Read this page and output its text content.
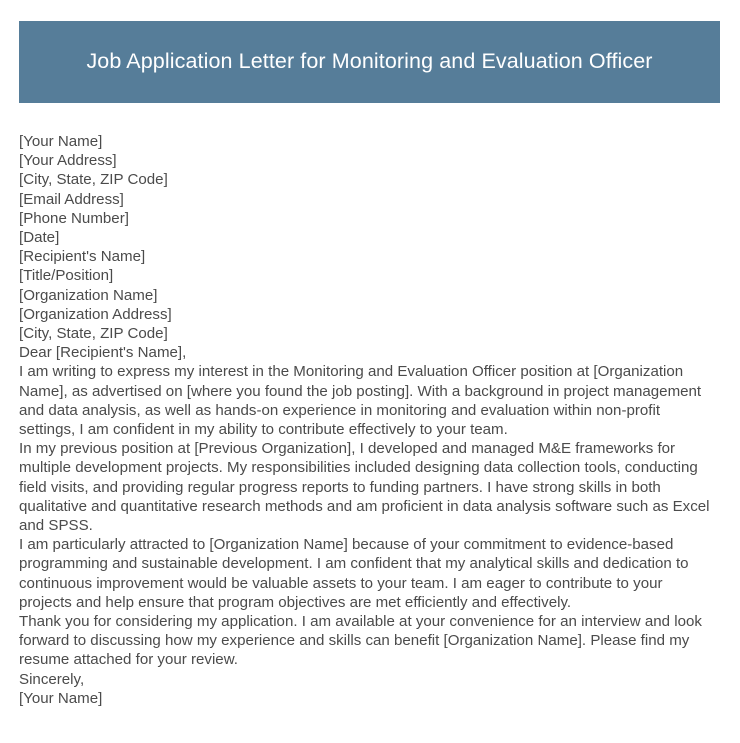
Job Application Letter for Monitoring and Evaluation Officer
[Your Name]
[Your Address]
[City, State, ZIP Code]
[Email Address]
[Phone Number]
[Date]
[Recipient's Name]
[Title/Position]
[Organization Name]
[Organization Address]
[City, State, ZIP Code]
Dear [Recipient's Name],

I am writing to express my interest in the Monitoring and Evaluation Officer position at [Organization Name], as advertised on [where you found the job posting]. With a background in project management and data analysis, as well as hands-on experience in monitoring and evaluation within non-profit settings, I am confident in my ability to contribute effectively to your team.

In my previous position at [Previous Organization], I developed and managed M&E frameworks for multiple development projects. My responsibilities included designing data collection tools, conducting field visits, and providing regular progress reports to funding partners. I have strong skills in both qualitative and quantitative research methods and am proficient in data analysis software such as Excel and SPSS.

I am particularly attracted to [Organization Name] because of your commitment to evidence-based programming and sustainable development. I am confident that my analytical skills and dedication to continuous improvement would be valuable assets to your team. I am eager to contribute to your projects and help ensure that program objectives are met efficiently and effectively.

Thank you for considering my application. I am available at your convenience for an interview and look forward to discussing how my experience and skills can benefit [Organization Name]. Please find my resume attached for your review.

Sincerely,
[Your Name]
